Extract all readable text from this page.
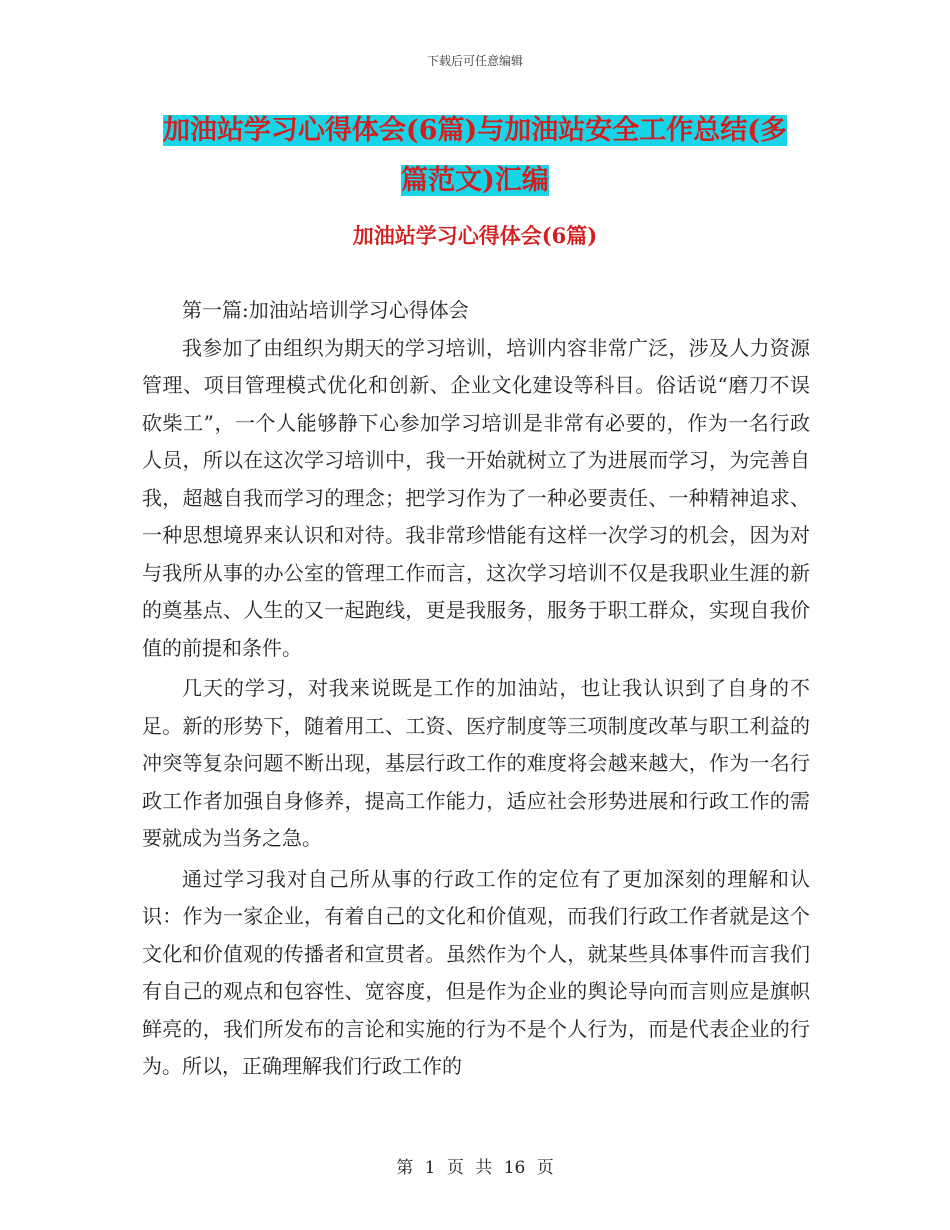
下载后可任意编辑
加油站学习心得体会(6篇)与加油站安全工作总结(多
篇范文)汇编
加油站学习心得体会(6篇)

第一篇:加油站培训学习心得体会

我参加了由组织为期天的学习培训，培训内容非常广泛，涉及人力资源管理、项目管理模式优化和创新、企业文化建设等科目。俗话说“磨刀不误砍柴工”，一个人能够静下心参加学习培训是非常有必要的，作为一名行政人员，所以在这次学习培训中，我一开始就树立了为进展而学习，为完善自我，超越自我而学习的理念；把学习作为了一种必要责任、一种精神追求、一种思想境界来认识和对待。我非常珍惜能有这样一次学习的机会，因为对与我所从事的办公室的管理工作而言，这次学习培训不仅是我职业生涯的新的奠基点、人生的又一起跑线，更是我服务，服务于职工群众，实现自我价值的前提和条件。

几天的学习，对我来说既是工作的加油站，也让我认识到了自身的不足。新的形势下，随着用工、工资、医疗制度等三项制度改革与职工利益的冲突等复杂问题不断出现，基层行政工作的难度将会越来越大，作为一名行政工作者加强自身修养，提高工作能力，适应社会形势进展和行政工作的需要就成为当务之急。

通过学习我对自己所从事的行政工作的定位有了更加深刻的理解和认识：作为一家企业，有着自己的文化和价值观，而我们行政工作者就是这个文化和价值观的传播者和宣贯者。虽然作为个人，就某些具体事件而言我们有自己的观点和包容性、宽容度，但是作为企业的舆论导向而言则应是旗帜鲜亮的，我们所发布的言论和实施的行为不是个人行为，而是代表企业的行为。所以，正确理解我们行政工作的

第 1 页 共 16 页
